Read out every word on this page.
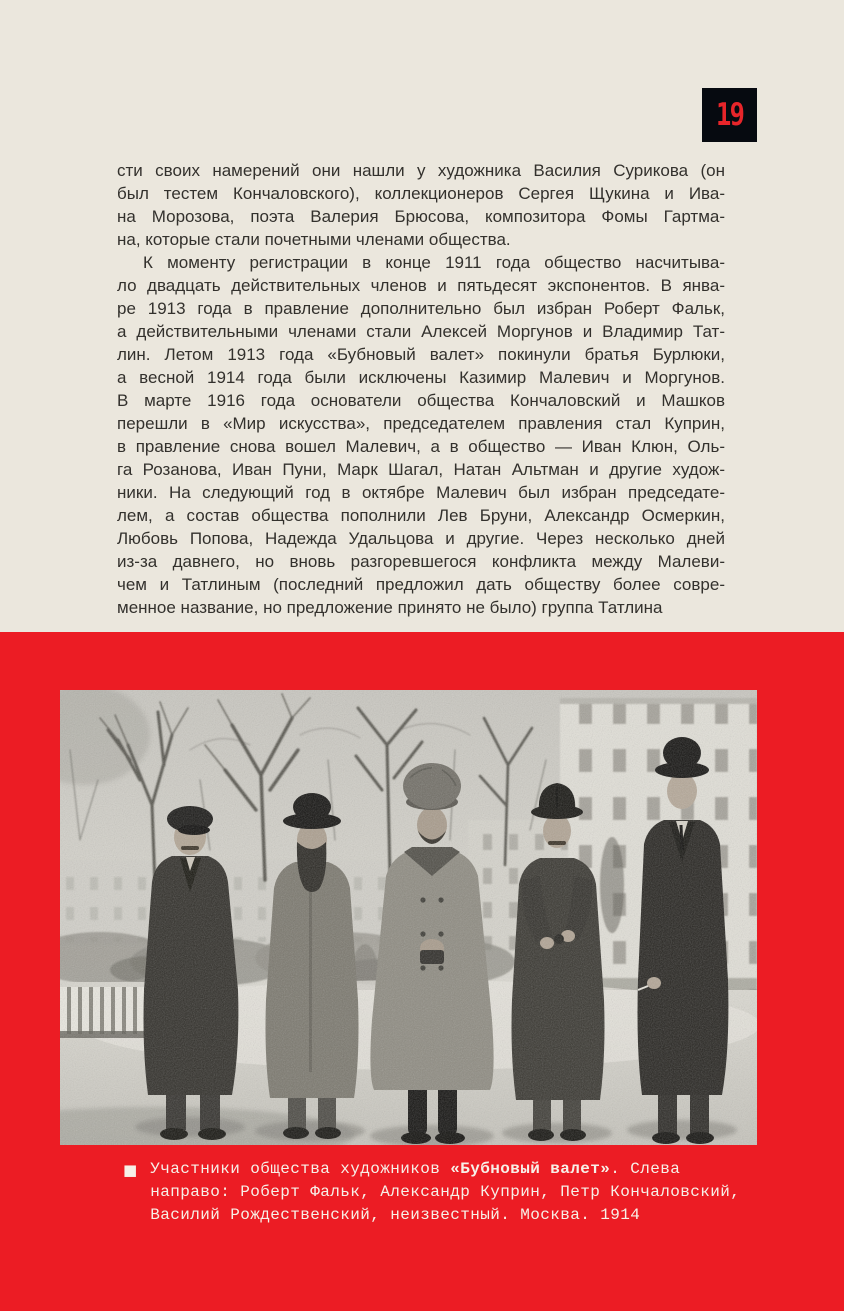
19
сти своих намерений они нашли у художника Василия Сурикова (он
был тестем Кончаловского), коллекционеров Сергея Щукина и Ива-
на Морозова, поэта Валерия Брюсова, композитора Фомы Гартма-
на, которые стали почетными членами общества.
К моменту регистрации в конце 1911 года общество насчитыва-
ло двадцать действительных членов и пятьдесят экспонентов. В янва-
ре 1913 года в правление дополнительно был избран Роберт Фальк,
а действительными членами стали Алексей Моргунов и Владимир Тат-
лин. Летом 1913 года «Бубновый валет» покинули братья Бурлюки,
а весной 1914 года были исключены Казимир Малевич и Моргунов.
В марте 1916 года основатели общества Кончаловский и Машков
перешли в «Мир искусства», председателем правления стал Куприн,
в правление снова вошел Малевич, а в общество — Иван Клюн, Оль-
га Розанова, Иван Пуни, Марк Шагал, Натан Альтман и другие худож-
ники. На следующий год в октябре Малевич был избран председате-
лем, а состав общества пополнили Лев Бруни, Александр Осмеркин,
Любовь Попова, Надежда Удальцова и другие. Через несколько дней
из-за давнего, но вновь разгоревшегося конфликта между Малеви-
чем и Татлиным (последний предложил дать обществу более совре-
менное название, но предложение принято не было) группа Татлина
■ Участники общества художников «Бубновый валет». Слева
направо: Роберт Фальк, Александр Куприн, Петр Кончаловский,
Василий Рождественский, неизвестный. Москва. 1914
